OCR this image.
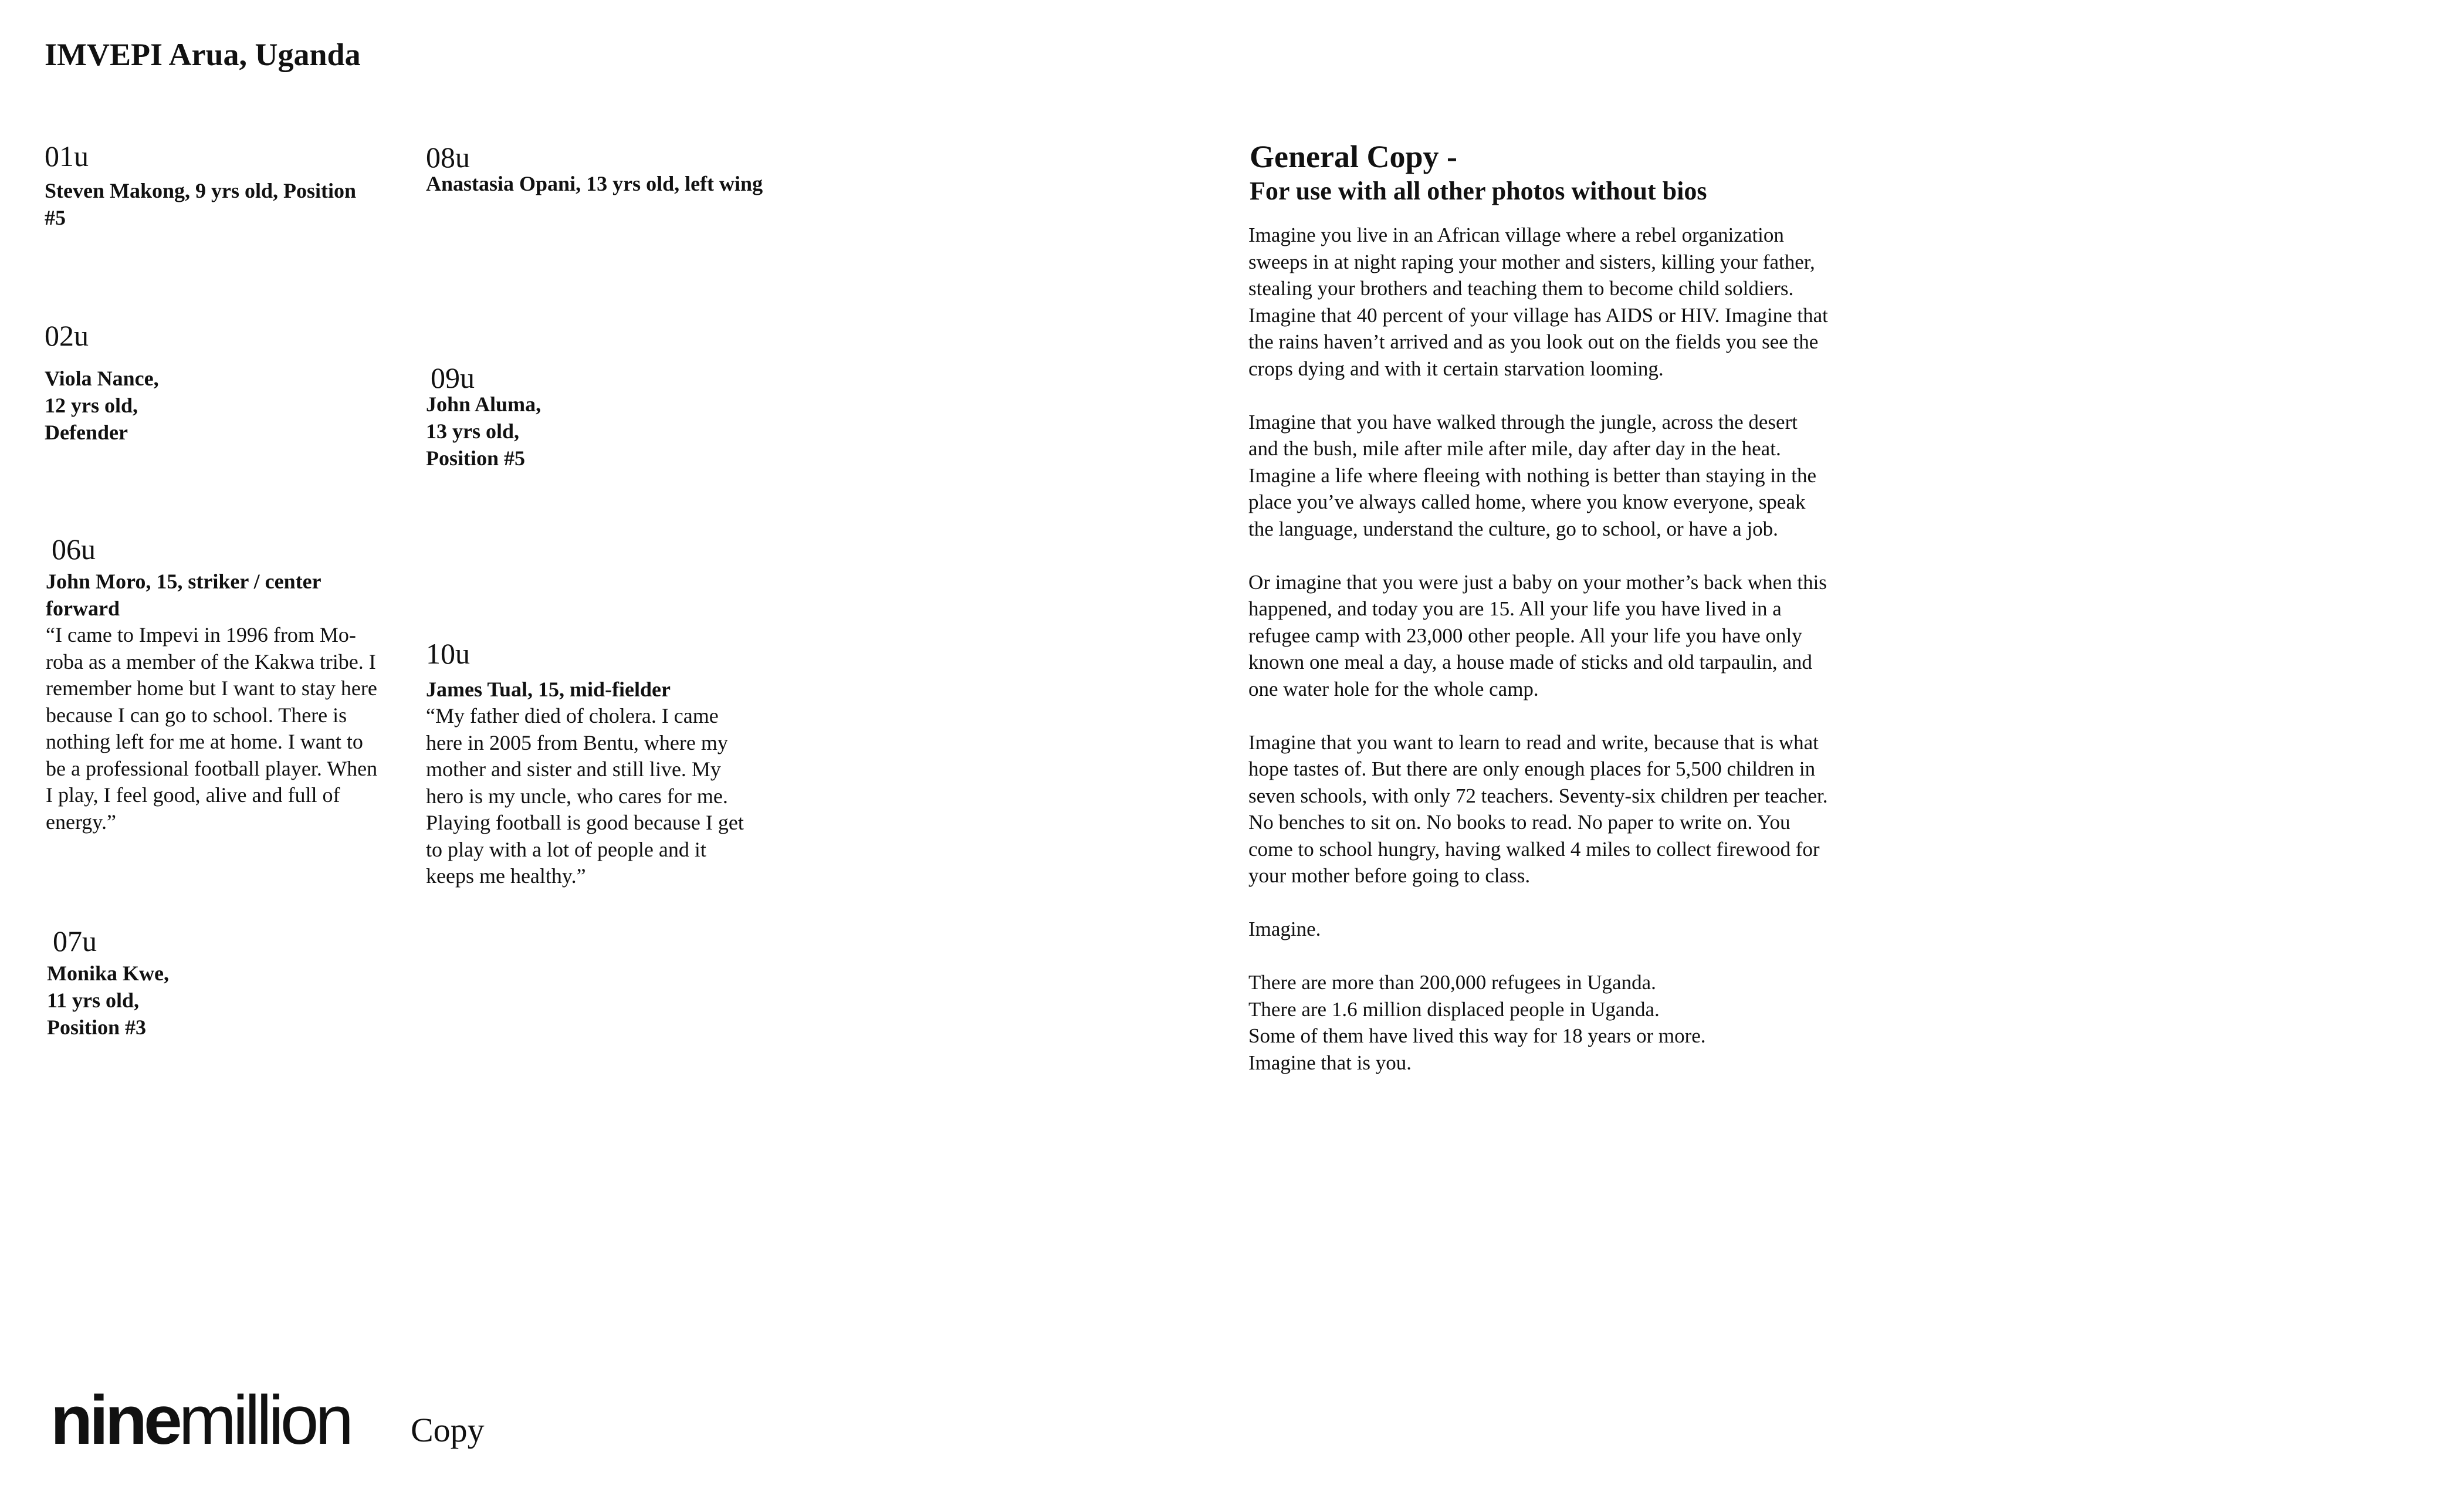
IMVEPI Arua, Uganda
01u

Steven Makong, 9 yrs old, Position #5

02u

Viola Nance,

12 yrs old,

Defender

06u

John Moro, 15, striker / center forward

“I came to Impevi in 1996 from Mo-roba as a member of the Kakwa tribe. I remember home but I want to stay here because I can go to school. There is nothing left for me at home. I want to be a professional football player. When I play, I feel good, alive and full of energy.”

07u

Monika Kwe,

11 yrs old,

Position #3

08u

Anastasia Opani, 13 yrs old, left wing

09u

John Aluma,

13 yrs old,

Position #5

10u

James Tual, 15, mid-fielder

“My father died of cholera. I came here in 2005 from Bentu, where my mother and sister and still live. My hero is my uncle, who cares for me. Playing football is good because I get to play with a lot of people and it keeps me healthy.”

General Copy -
For use with all other photos without bios

Imagine you live in an African village where a rebel organization sweeps in at night raping your mother and sisters, killing your father, stealing your brothers and teaching them to become child soldiers. Imagine that 40 percent of your village has AIDS or HIV. Imagine that the rains haven’t arrived and as you look out on the fields you see the crops dying and with it certain starvation looming.

Imagine that you have walked through the jungle, across the desert and the bush, mile after mile after mile, day after day in the heat. Imagine a life where fleeing with nothing is better than staying in the place you’ve always called home, where you know everyone, speak the language, understand the culture, go to school, or have a job.

Or imagine that you were just a baby on your mother’s back when this happened, and today you are 15. All your life you have lived in a refugee camp with 23,000 other people. All your life you have only known one meal a day, a house made of sticks and old tarpaulin, and one water hole for the whole camp.

Imagine that you want to learn to read and write, because that is what hope tastes of. But there are only enough places for 5,500 children in seven schools, with only 72 teachers. Seventy-six children per teacher. No benches to sit on. No books to read. No paper to write on. You come to school hungry, having walked 4 miles to collect firewood for your mother before going to class.

Imagine.

There are more than 200,000 refugees in Uganda.

There are 1.6 million displaced people in Uganda.

Some of them have lived this way for 18 years or more.

Imagine that is you.

ninemillion Copy
